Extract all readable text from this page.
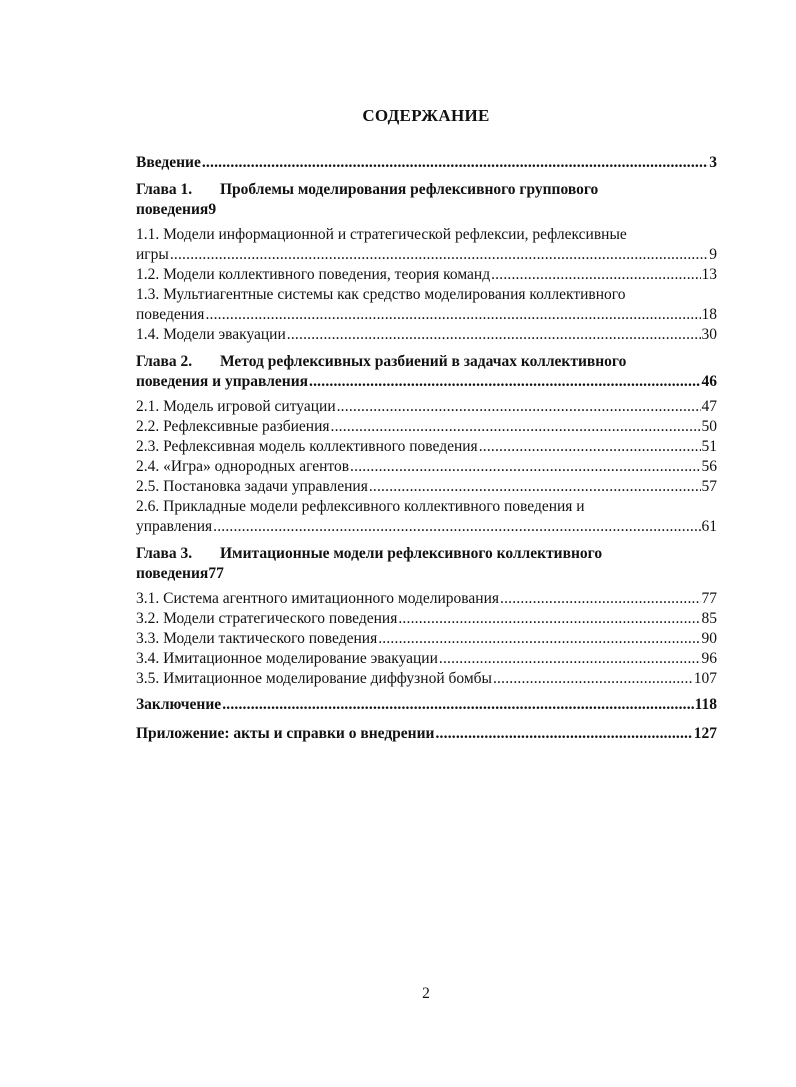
СОДЕРЖАНИЕ
Введение .....	3
Глава 1. Проблемы моделирования рефлексивного группового
поведения9
1.1. Модели информационной и стратегической рефлексии, рефлексивные
игры .....	9
1.2. Модели коллективного поведения, теория команд .....	13
1.3. Мультиагентные системы как средство моделирования коллективного
поведения .....	18
1.4. Модели эвакуации .....	30
Глава 2. Метод рефлексивных разбиений в задачах коллективного
поведения и управления .....	46
2.1. Модель игровой ситуации .....	47
2.2. Рефлексивные разбиения .....	50
2.3. Рефлексивная модель коллективного поведения .....	51
2.4. «Игра» однородных агентов .....	56
2.5. Постановка задачи управления .....	57
2.6. Прикладные модели рефлексивного коллективного поведения и
управления .....	61
Глава 3. Имитационные модели рефлексивного коллективного
поведения77
3.1. Система агентного имитационного моделирования .....	77
3.2. Модели стратегического поведения .....	85
3.3. Модели тактического поведения .....	90
3.4. Имитационное моделирование эвакуации .....	96
3.5. Имитационное моделирование диффузной бомбы .....	107
Заключение .....	118
Приложение: акты и справки о внедрении .....	127
2
